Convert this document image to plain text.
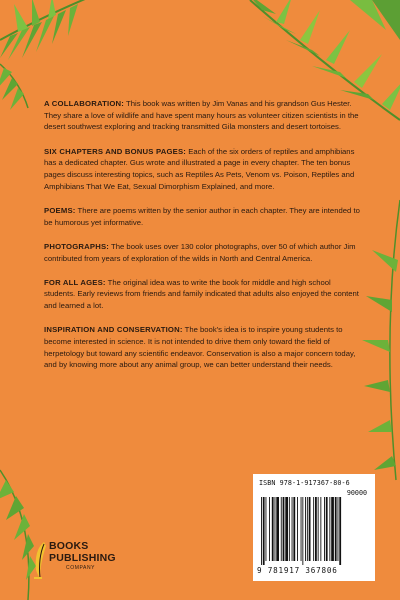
A COLLABORATION: This book was written by Jim Vanas and his grandson Gus Hester. They share a love of wildlife and have spent many hours as volunteer citizen scientists in the desert southwest exploring and tracking transmitted Gila monsters and desert tortoises.

SIX CHAPTERS AND BONUS PAGES: Each of the six orders of reptiles and amphibians has a dedicated chapter. Gus wrote and illustrated a page in every chapter. The ten bonus pages discuss interesting topics, such as Reptiles As Pets, Venom vs. Poison, Reptiles and Amphibians That We Eat, Sexual Dimorphism Explained, and more.

POEMS: There are poems written by the senior author in each chapter. They are intended to be humorous yet informative.

PHOTOGRAPHS: The book uses over 130 color photographs, over 50 of which author Jim contributed from years of exploration of the wilds in North and Central America.

FOR ALL AGES: The original idea was to write the book for middle and high school students. Early reviews from friends and family indicated that adults also enjoyed the content and learned a lot.

INSPIRATION AND CONSERVATION: The book's idea is to inspire young students to become interested in science. It is not intended to drive them only toward the field of herpetology but toward any scientific endeavor. Conservation is also a major concern today, and by knowing more about any animal group, we can better understand their needs.

ISBN 978-1-917367-80-6
90000
9 781917 367806
BOOKS
PUBLISHING
COMPANY
